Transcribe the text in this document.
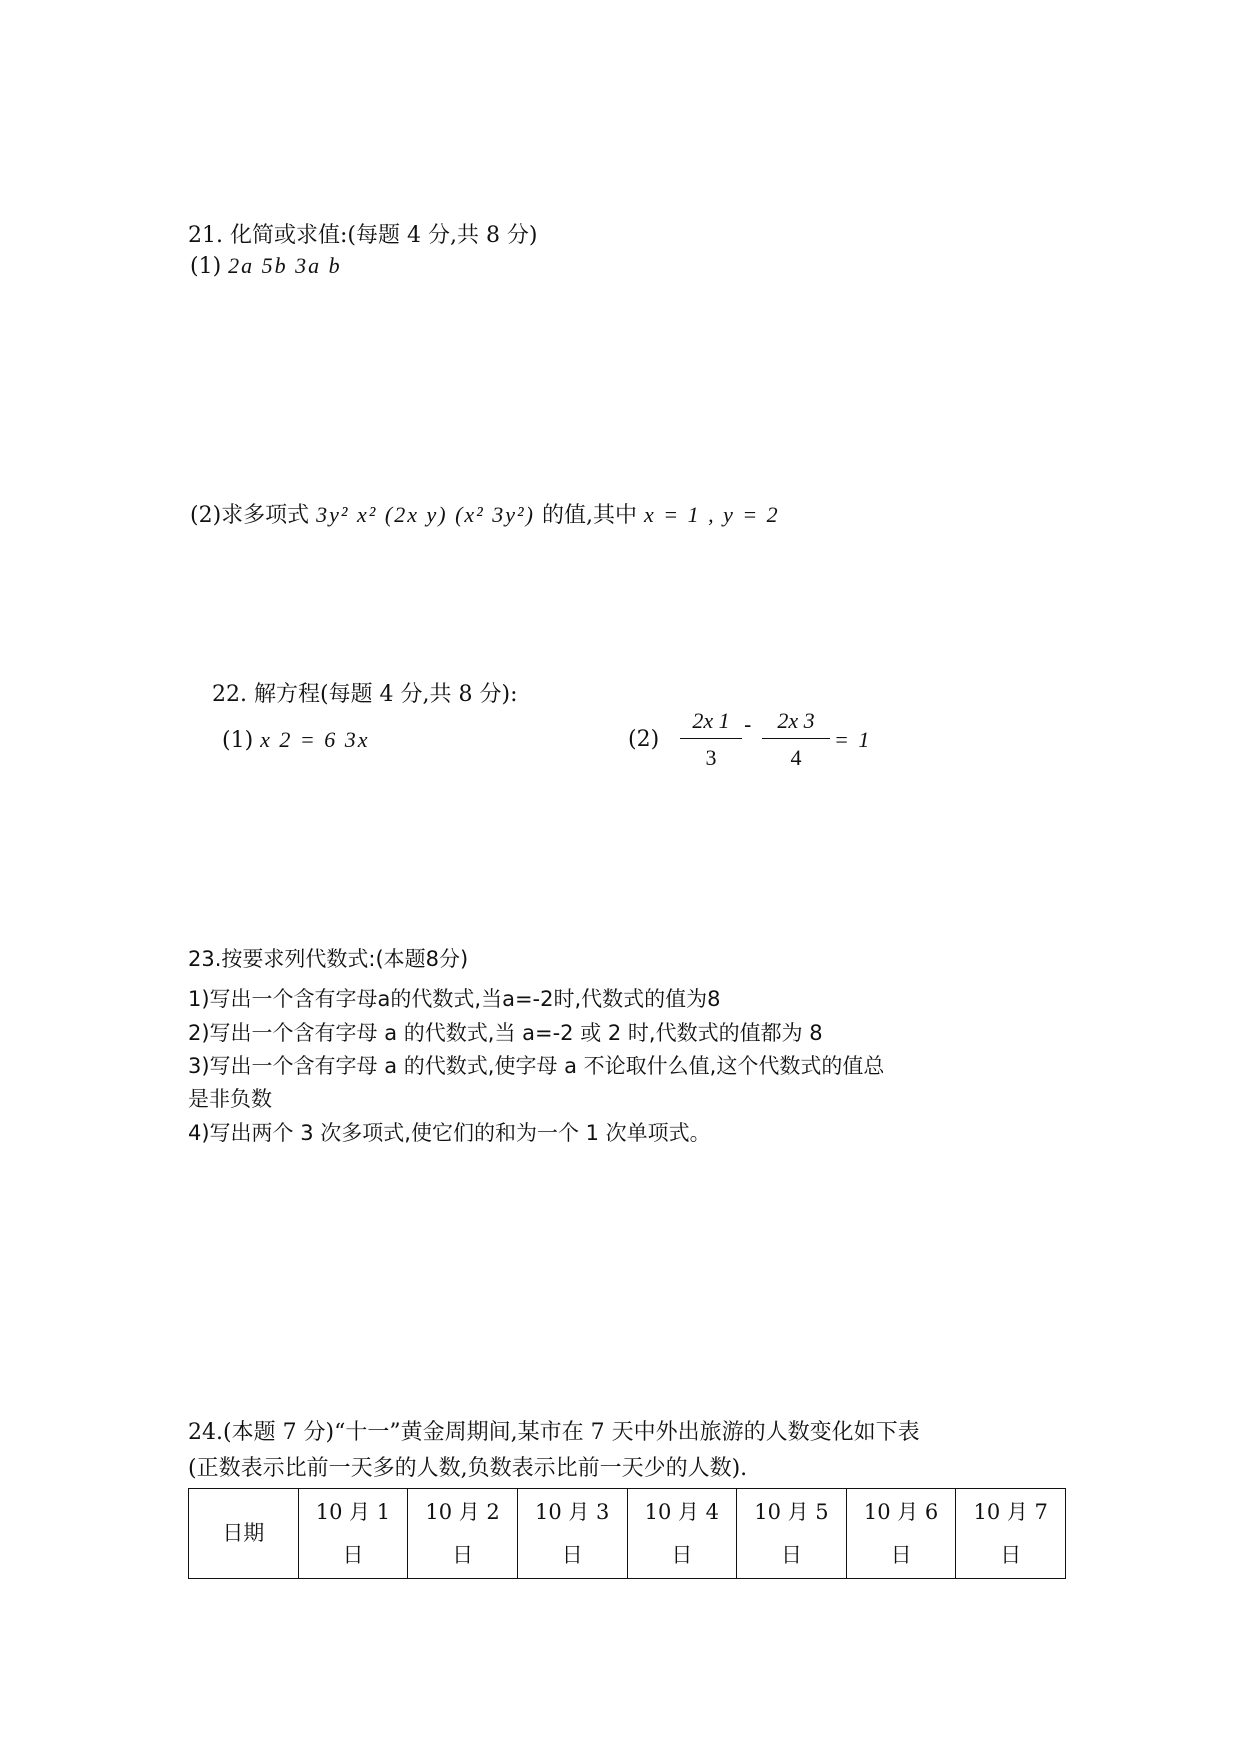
21. 化简或求值:(每题 4 分,共 8 分)
(1) 2a 5b 3a b
(2)求多项式 3y² x² (2x y) (x² 3y²) 的值,其中 x = 1 , y = 2
22. 解方程(每题 4 分,共 8 分):
(1) x 2 = 6 3x	(2)
2x 1
3
-	2x 3
4
= 1
23.按要求列代数式:(本题8分)
1)写出一个含有字母a的代数式,当a=-2时,代数式的值为8
2)写出一个含有字母 a 的代数式,当 a=-2 或 2 时,代数式的值都为 8
3)写出一个含有字母 a 的代数式,使字母 a 不论取什么值,这个代数式的值总
是非负数
4)写出两个 3 次多项式,使它们的和为一个 1 次单项式。
24.(本题 7 分)“十一”黄金周期间,某市在 7 天中外出旅游的人数变化如下表
(正数表示比前一天多的人数,负数表示比前一天少的人数).
日期	10 月 1 日	10 月 2 日	10 月 3 日	10 月 4 日	10 月 5 日	10 月 6 日	10 月 7 日
